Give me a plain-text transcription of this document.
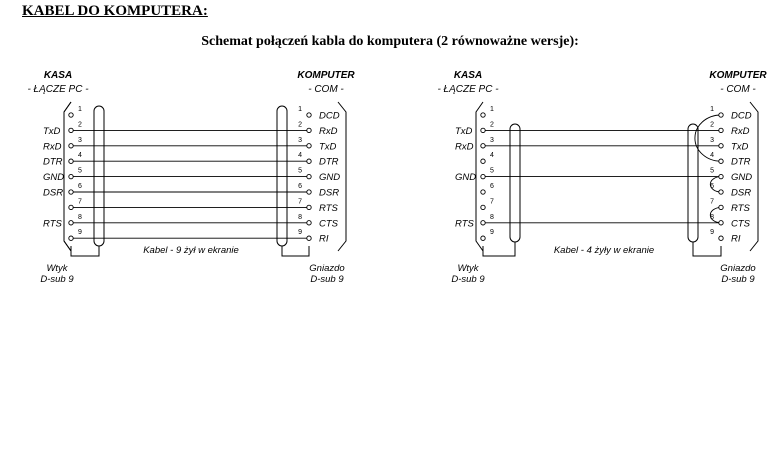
KABEL DO KOMPUTERA:
Schemat połączeń kabla do komputera (2 równoważne wersje):
KASA
- ŁĄCZE PC -
KOMPUTER
- COM -
1
2
TxD
3
RxD
4
DTR
5
GND
6
DSR
7
8
RTS
9
1
DCD
2
RxD
3
TxD
4
DTR
5
GND
6
DSR
7
RTS
8
CTS
9
RI
Kabel - 9 żył w ekranie
Wtyk
D-sub 9
Gniazdo
D-sub 9
KASA
- ŁĄCZE PC -
KOMPUTER
- COM -
1
2
TxD
3
RxD
4
5
GND
6
7
8
RTS
9
1
DCD
2
RxD
3
TxD
4
DTR
5
GND
6
DSR
7
RTS
8
CTS
9
RI
Kabel - 4 żyły w ekranie
Wtyk
D-sub 9
Gniazdo
D-sub 9
